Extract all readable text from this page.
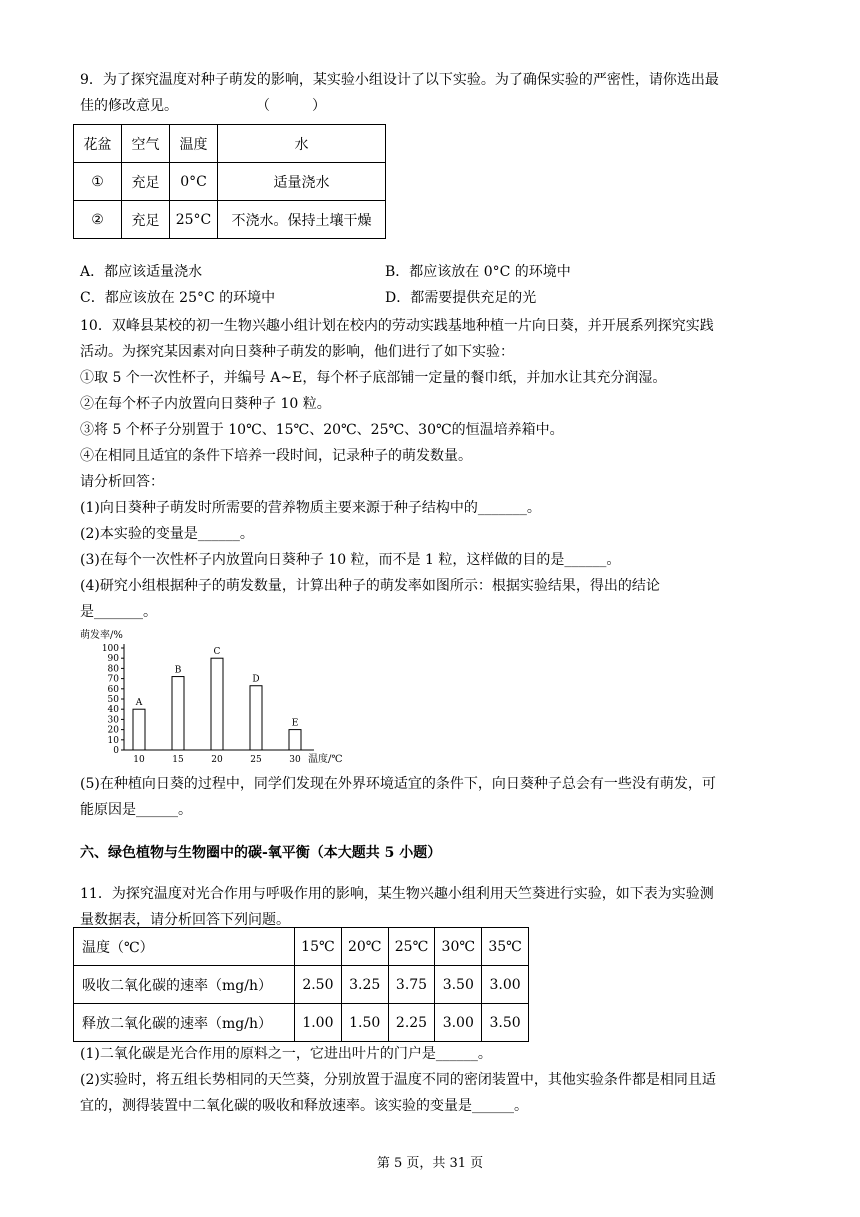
9．为了探究温度对种子萌发的影响，某实验小组设计了以下实验。为了确保实验的严密性，请你选出最
佳的修改意见。	（　　　）
花盆	空气	温度	水
①	充足	0°C	适量浇水
②	充足	25°C	不浇水。保持土壤干燥
A．都应该适量浇水	B．都应该放在 0°C 的环境中
C．都应该放在 25°C 的环境中	D．都需要提供充足的光
10．双峰县某校的初一生物兴趣小组计划在校内的劳动实践基地种植一片向日葵，并开展系列探究实践
活动。为探究某因素对向日葵种子萌发的影响，他们进行了如下实验：
①取 5 个一次性杯子，并编号 A~E，每个杯子底部铺一定量的餐巾纸，并加水让其充分润湿。
②在每个杯子内放置向日葵种子 10 粒。
③将 5 个杯子分别置于 10℃、15℃、20℃、25℃、30℃的恒温培养箱中。
④在相同且适宜的条件下培养一段时间，记录种子的萌发数量。
请分析回答：
(1)向日葵种子萌发时所需要的营养物质主要来源于种子结构中的_______。
(2)本实验的变量是______。
(3)在每个一次性杯子内放置向日葵种子 10 粒，而不是 1 粒，这样做的目的是______。
(4)研究小组根据种子的萌发数量，计算出种子的萌发率如图所示：根据实验结果，得出的结论
是_______。
萌发率/%
0
10
20
30
40
50
60
70
80
90
100
A
10
B
15
C
20
D
25
E
30 温度/℃
(5)在种植向日葵的过程中，同学们发现在外界环境适宜的条件下，向日葵种子总会有一些没有萌发，可
能原因是______。
六、绿色植物与生物圈中的碳-氧平衡（本大题共 5 小题）
11．为探究温度对光合作用与呼吸作用的影响，某生物兴趣小组利用天竺葵进行实验，如下表为实验测
量数据表，请分析回答下列问题。
温度（℃）	15℃	20℃	25℃	30℃	35℃
吸收二氧化碳的速率（mg/h）	2.50	3.25	3.75	3.50	3.00
释放二氧化碳的速率（mg/h）	1.00	1.50	2.25	3.00	3.50
(1)二氧化碳是光合作用的原料之一，它进出叶片的门户是______。
(2)实验时，将五组长势相同的天竺葵，分别放置于温度不同的密闭装置中，其他实验条件都是相同且适
宜的，测得装置中二氧化碳的吸收和释放速率。该实验的变量是______。
第 5 页，共 31 页
